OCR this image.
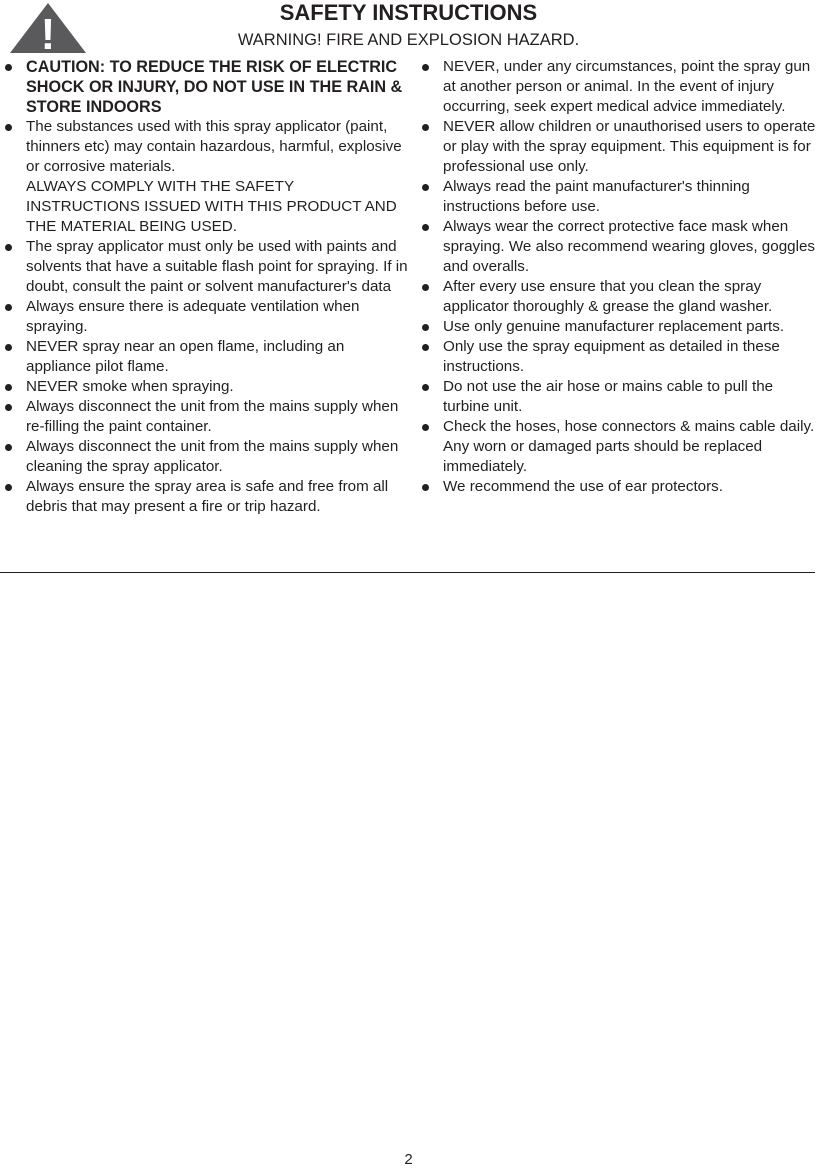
!	SAFETY INSTRUCTIONS

WARNING! FIRE AND EXPLOSION HAZARD.

CAUTION: TO REDUCE THE RISK OF ELECTRIC SHOCK OR INJURY, DO NOT USE IN THE RAIN & STORE INDOORS
The substances used with this spray applicator (paint, thinners etc) may contain hazardous, harmful, explosive or corrosive materials.
ALWAYS COMPLY WITH THE SAFETY INSTRUCTIONS ISSUED WITH THIS PRODUCT AND THE MATERIAL BEING USED.
The spray applicator must only be used with paints and solvents that have a suitable flash point for spraying. If in doubt, consult the paint or solvent manufacturer's data
Always ensure there is adequate ventilation when spraying.
NEVER spray near an open flame, including an appliance pilot flame.
NEVER smoke when spraying.
Always disconnect the unit from the mains supply when re-filling the paint container.
Always disconnect the unit from the mains supply when cleaning the spray applicator.
Always ensure the spray area is safe and free from all debris that may present a fire or trip hazard.
NEVER, under any circumstances, point the spray gun at another person or animal. In the event of injury occurring, seek expert medical advice immediately.
NEVER allow children or unauthorised users to operate or play with the spray equipment. This equipment is for professional use only.
Always read the paint manufacturer's thinning instructions before use.
Always wear the correct protective face mask when spraying. We also recommend wearing gloves, goggles and overalls.
After every use ensure that you clean the spray applicator thoroughly & grease the gland washer.
Use only genuine manufacturer replacement parts.
Only use the spray equipment as detailed in these instructions.
Do not use the air hose or mains cable to pull the turbine unit.
Check the hoses, hose connectors & mains cable daily. Any worn or damaged parts should be replaced immediately.
We recommend the use of ear protectors.
2
